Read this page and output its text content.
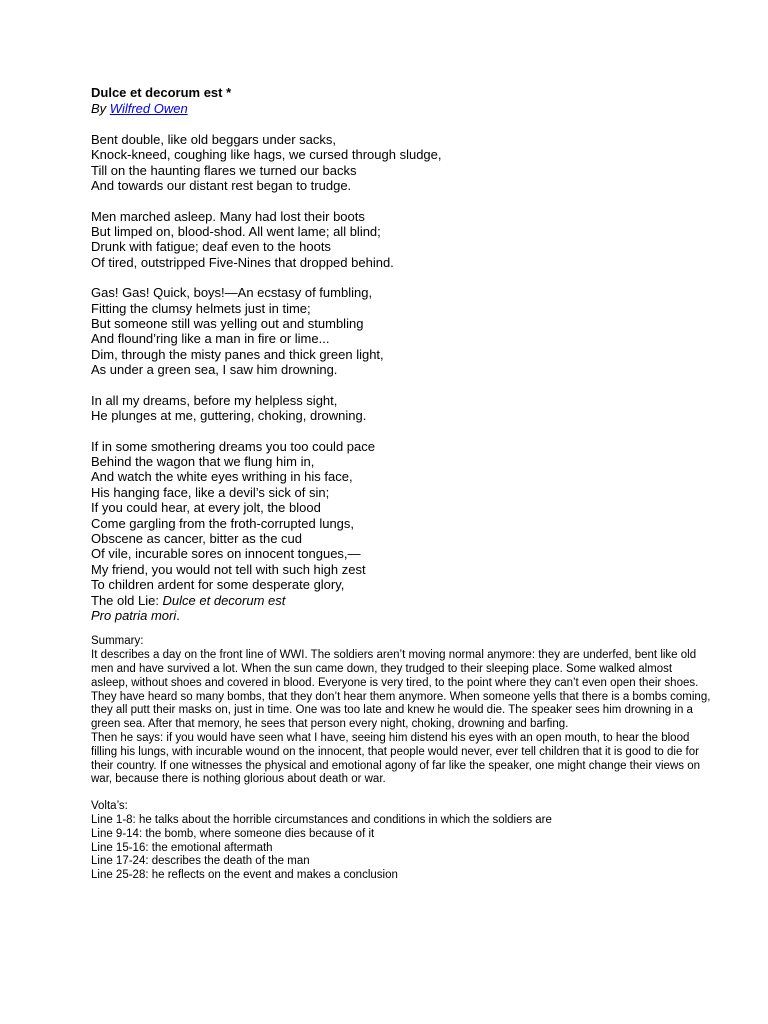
Dulce et decorum est *
By Wilfred Owen
Bent double, like old beggars under sacks,
Knock-kneed, coughing like hags, we cursed through sludge,
Till on the haunting flares we turned our backs
And towards our distant rest began to trudge.
Men marched asleep. Many had lost their boots
But limped on, blood-shod. All went lame; all blind;
Drunk with fatigue; deaf even to the hoots
Of tired, outstripped Five-Nines that dropped behind.
Gas! Gas! Quick, boys!—An ecstasy of fumbling,
Fitting the clumsy helmets just in time;
But someone still was yelling out and stumbling
And flound’ring like a man in fire or lime...
Dim, through the misty panes and thick green light,
As under a green sea, I saw him drowning.
In all my dreams, before my helpless sight,
He plunges at me, guttering, choking, drowning.
If in some smothering dreams you too could pace
Behind the wagon that we flung him in,
And watch the white eyes writhing in his face,
His hanging face, like a devil’s sick of sin;
If you could hear, at every jolt, the blood
Come gargling from the froth-corrupted lungs,
Obscene as cancer, bitter as the cud
Of vile, incurable sores on innocent tongues,—
My friend, you would not tell with such high zest
To children ardent for some desperate glory,
The old Lie: Dulce et decorum est
Pro patria mori.

Summary:

It describes a day on the front line of WWI. The soldiers aren’t moving normal anymore: they are underfed, bent like old men and have survived a lot. When the sun came down, they trudged to their sleeping place. Some walked almost asleep, without shoes and covered in blood. Everyone is very tired, to the point where they can’t even open their shoes. They have heard so many bombs, that they don’t hear them anymore. When someone yells that there is a bombs coming, they all putt their masks on, just in time. One was too late and knew he would die. The speaker sees him drowning in a green sea. After that memory, he sees that person every night, choking, drowning and barfing.

Then he says: if you would have seen what I have, seeing him distend his eyes with an open mouth, to hear the blood filling his lungs, with incurable wound on the innocent, that people would never, ever tell children that it is good to die for their country. If one witnesses the physical and emotional agony of far like the speaker, one might change their views on war, because there is nothing glorious about death or war.

Volta’s:
Line 1-8: he talks about the horrible circumstances and conditions in which the soldiers are
Line 9-14: the bomb, where someone dies because of it
Line 15-16: the emotional aftermath
Line 17-24: describes the death of the man
Line 25-28: he reflects on the event and makes a conclusion
